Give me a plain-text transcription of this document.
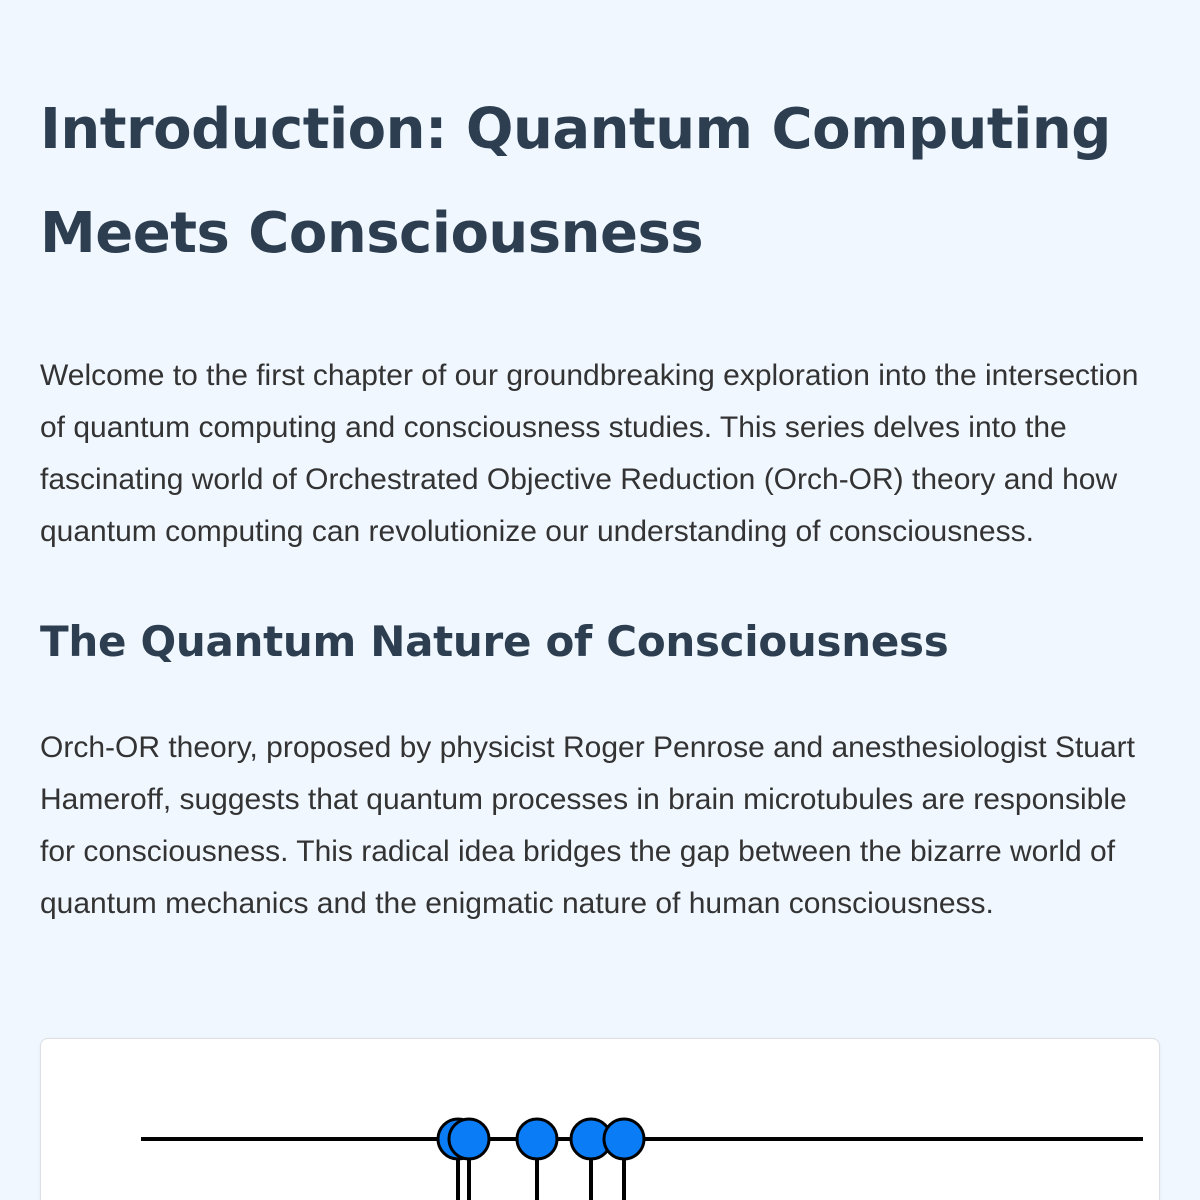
Introduction: Quantum Computing Meets Consciousness

Welcome to the first chapter of our groundbreaking exploration into the intersection of quantum computing and consciousness studies. This series delves into the fascinating world of Orchestrated Objective Reduction (Orch-OR) theory and how quantum computing can revolutionize our understanding of consciousness.

The Quantum Nature of Consciousness

Orch-OR theory, proposed by physicist Roger Penrose and anesthesiologist Stuart Hameroff, suggests that quantum processes in brain microtubules are responsible for consciousness. This radical idea bridges the gap between the bizarre world of quantum mechanics and the enigmatic nature of human consciousness.
